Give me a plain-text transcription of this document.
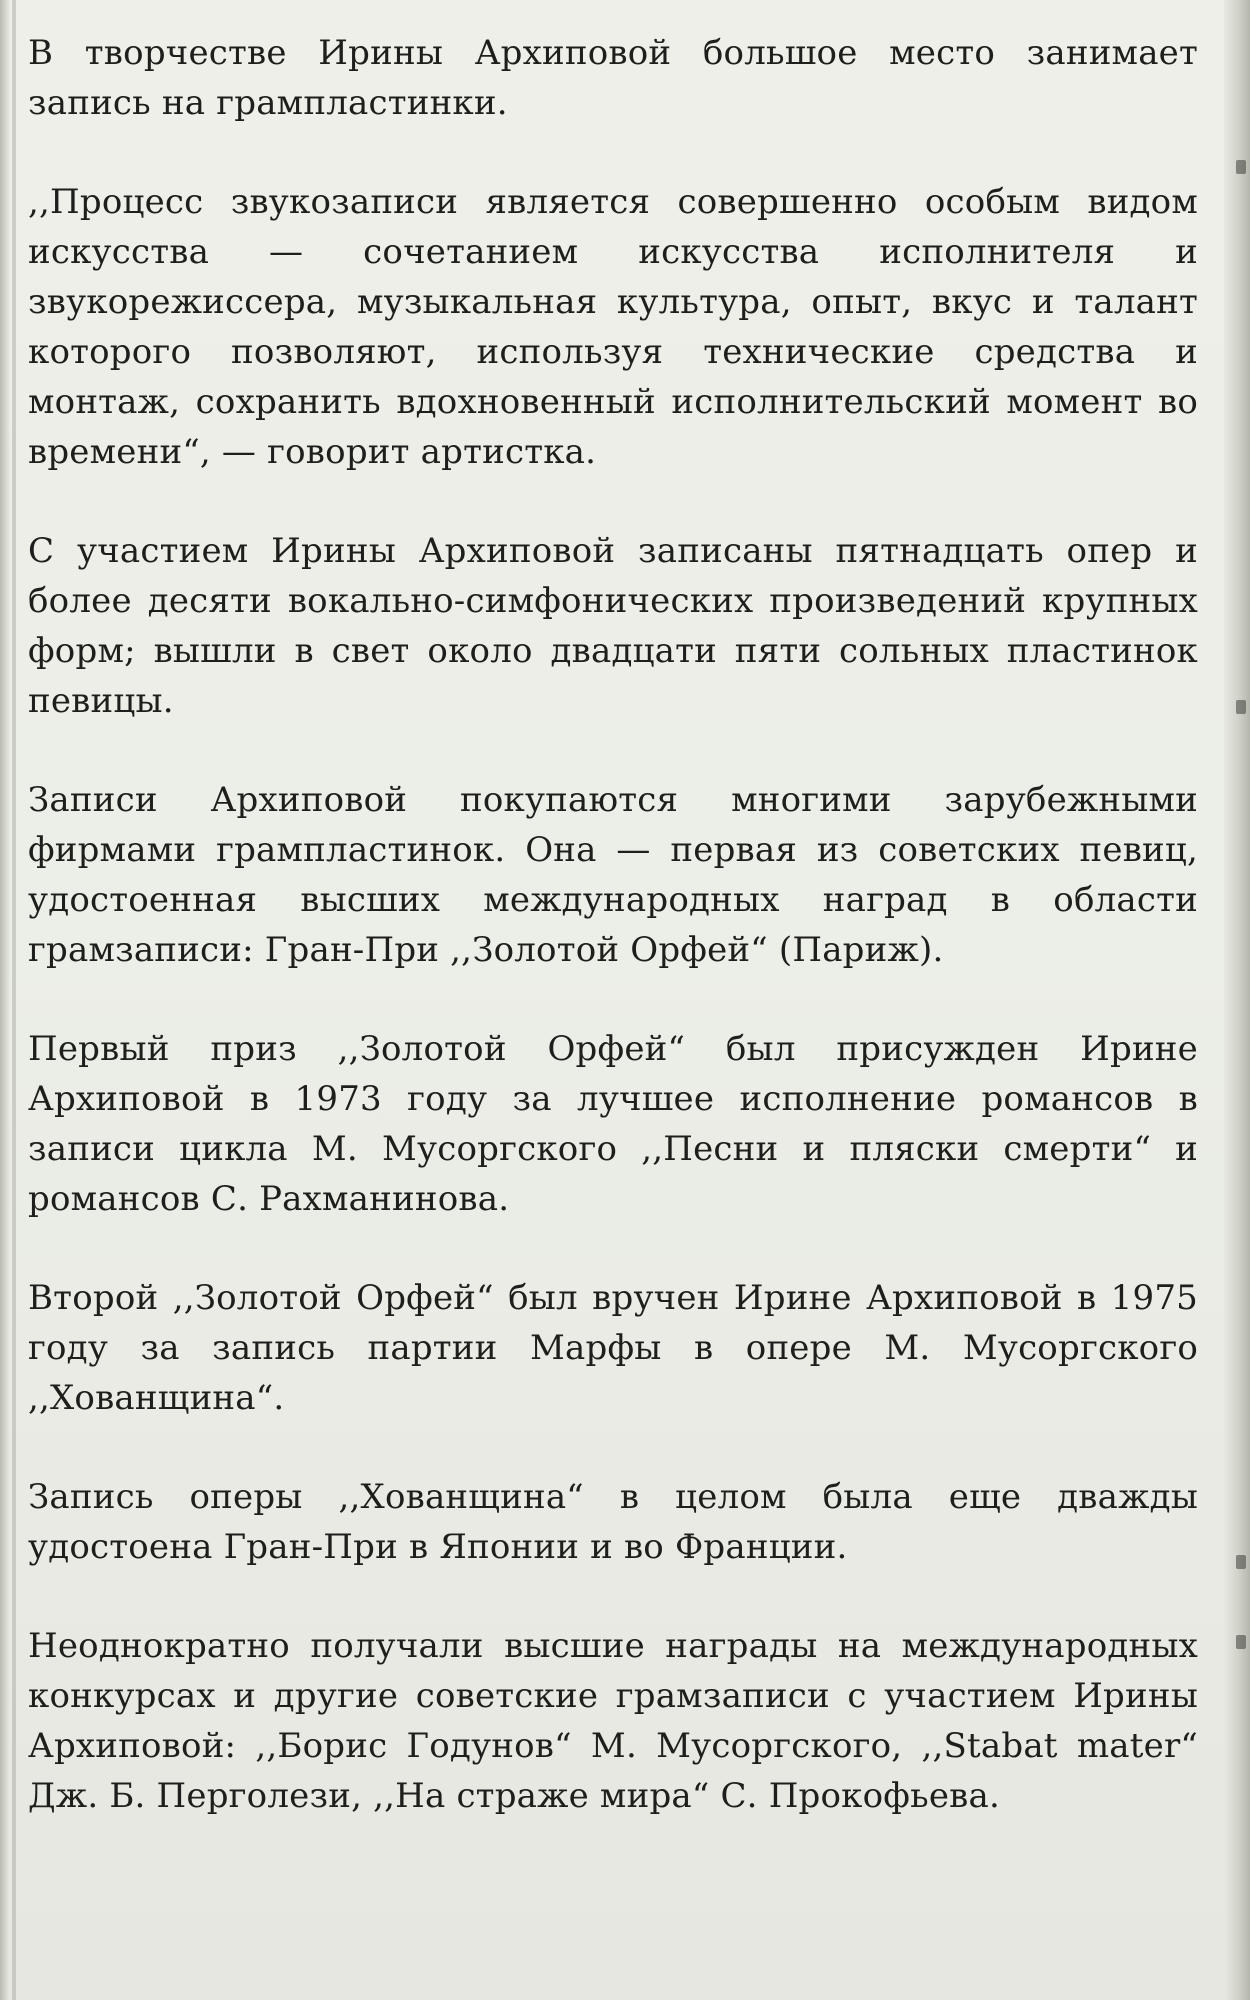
В творчестве Ирины Архиповой большое место занимает запись на грампластинки.

,,Процесс звукозаписи является совершенно особым видом искусства — сочетанием искусства исполнителя и звукорежиссера, музыкальная культура, опыт, вкус и талант которого позволяют, используя технические средства и монтаж, сохранить вдохновенный исполнительский момент во времени“, — говорит артистка.

С участием Ирины Архиповой записаны пятнадцать опер и более десяти вокально-симфонических произведений крупных форм; вышли в свет около двадцати пяти сольных пластинок певицы.

Записи Архиповой покупаются многими зарубежными фирмами грампластинок. Она — первая из советских певиц, удостоенная высших международных наград в области грамзаписи: Гран-При ,,Золотой Орфей“ (Париж).

Первый приз ,,Золотой Орфей“ был присужден Ирине Архиповой в 1973 году за лучшее исполнение романсов в записи цикла М. Мусоргского ,,Песни и пляски смерти“ и романсов С. Рахманинова.

Второй ,,Золотой Орфей“ был вручен Ирине Архиповой в 1975 году за запись партии Марфы в опере М. Мусоргского ,,Хованщина“.

Запись оперы ,,Хованщина“ в целом была еще дважды удостоена Гран-При в Японии и во Франции.

Неоднократно получали высшие награды на международных конкурсах и другие советские грамзаписи с участием Ирины Архиповой: ,,Борис Годунов“ М. Мусоргского, ,,Stabat mater“ Дж. Б. Перголези, ,,На страже мира“ С. Прокофьева.
